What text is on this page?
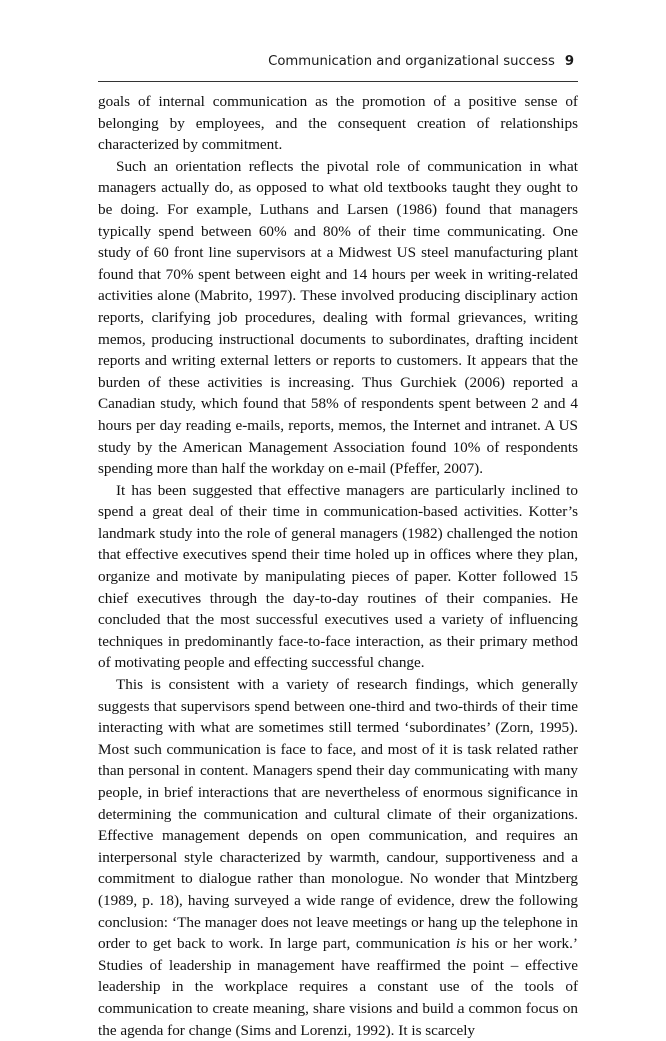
Communication and organizational success 9

goals of internal communication as the promotion of a positive sense of belonging by employees, and the consequent creation of relationships characterized by commitment.

Such an orientation reflects the pivotal role of communication in what managers actually do, as opposed to what old textbooks taught they ought to be doing. For example, Luthans and Larsen (1986) found that managers typically spend between 60% and 80% of their time communicating. One study of 60 front line supervisors at a Midwest US steel manufacturing plant found that 70% spent between eight and 14 hours per week in writing-related activities alone (Mabrito, 1997). These involved producing disciplinary action reports, clarifying job procedures, dealing with formal grievances, writing memos, producing instructional documents to subordinates, drafting incident reports and writing external letters or reports to customers. It appears that the burden of these activities is increasing. Thus Gurchiek (2006) reported a Canadian study, which found that 58% of respondents spent between 2 and 4 hours per day reading e-mails, reports, memos, the Internet and intranet. A US study by the American Management Association found 10% of respondents spending more than half the workday on e-mail (Pfeffer, 2007).

It has been suggested that effective managers are particularly inclined to spend a great deal of their time in communication-based activities. Kotter’s landmark study into the role of general managers (1982) challenged the notion that effective executives spend their time holed up in offices where they plan, organize and motivate by manipulating pieces of paper. Kotter followed 15 chief executives through the day-to-day routines of their companies. He concluded that the most successful executives used a variety of influencing techniques in predominantly face-to-face interaction, as their primary method of motivating people and effecting successful change.

This is consistent with a variety of research findings, which generally suggests that supervisors spend between one-third and two-thirds of their time interacting with what are sometimes still termed ‘subordinates’ (Zorn, 1995). Most such communication is face to face, and most of it is task related rather than personal in content. Managers spend their day communicating with many people, in brief interactions that are nevertheless of enormous significance in determining the communication and cultural climate of their organizations. Effective management depends on open communication, and requires an interpersonal style characterized by warmth, candour, supportiveness and a commitment to dialogue rather than monologue. No wonder that Mintzberg (1989, p. 18), having surveyed a wide range of evidence, drew the following conclusion: ‘The manager does not leave meetings or hang up the telephone in order to get back to work. In large part, communication is his or her work.’ Studies of leadership in management have reaffirmed the point – effective leadership in the workplace requires a constant use of the tools of communication to create meaning, share visions and build a common focus on the agenda for change (Sims and Lorenzi, 1992). It is scarcely
